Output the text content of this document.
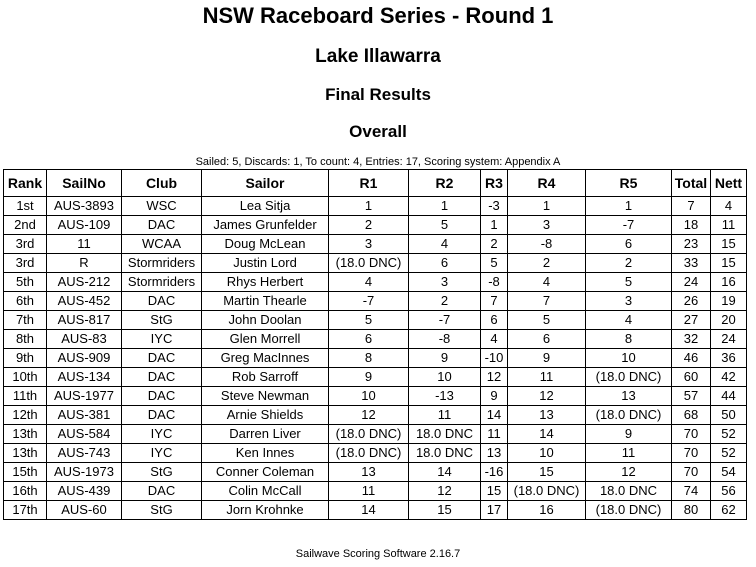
NSW Raceboard Series - Round 1
Lake Illawarra
Final Results
Overall
Sailed: 5, Discards: 1, To count: 4, Entries: 17, Scoring system: Appendix A
Rank	SailNo	Club	Sailor	R1	R2	R3	R4	R5	Total	Nett
1st	AUS-3893	WSC	Lea Sitja	1	1	-3	1	1	7	4
2nd	AUS-109	DAC	James Grunfelder	2	5	1	3	-7	18	11
3rd	11	WCAA	Doug McLean	3	4	2	-8	6	23	15
3rd	R	Stormriders	Justin Lord	(18.0 DNC)	6	5	2	2	33	15
5th	AUS-212	Stormriders	Rhys Herbert	4	3	-8	4	5	24	16
6th	AUS-452	DAC	Martin Thearle	-7	2	7	7	3	26	19
7th	AUS-817	StG	John Doolan	5	-7	6	5	4	27	20
8th	AUS-83	IYC	Glen Morrell	6	-8	4	6	8	32	24
9th	AUS-909	DAC	Greg MacInnes	8	9	-10	9	10	46	36
10th	AUS-134	DAC	Rob Sarroff	9	10	12	11	(18.0 DNC)	60	42
11th	AUS-1977	DAC	Steve Newman	10	-13	9	12	13	57	44
12th	AUS-381	DAC	Arnie Shields	12	11	14	13	(18.0 DNC)	68	50
13th	AUS-584	IYC	Darren Liver	(18.0 DNC)	18.0 DNC	11	14	9	70	52
13th	AUS-743	IYC	Ken Innes	(18.0 DNC)	18.0 DNC	13	10	11	70	52
15th	AUS-1973	StG	Conner Coleman	13	14	-16	15	12	70	54
16th	AUS-439	DAC	Colin McCall	11	12	15	(18.0 DNC)	18.0 DNC	74	56
17th	AUS-60	StG	Jorn Krohnke	14	15	17	16	(18.0 DNC)	80	62
Sailwave Scoring Software 2.16.7
